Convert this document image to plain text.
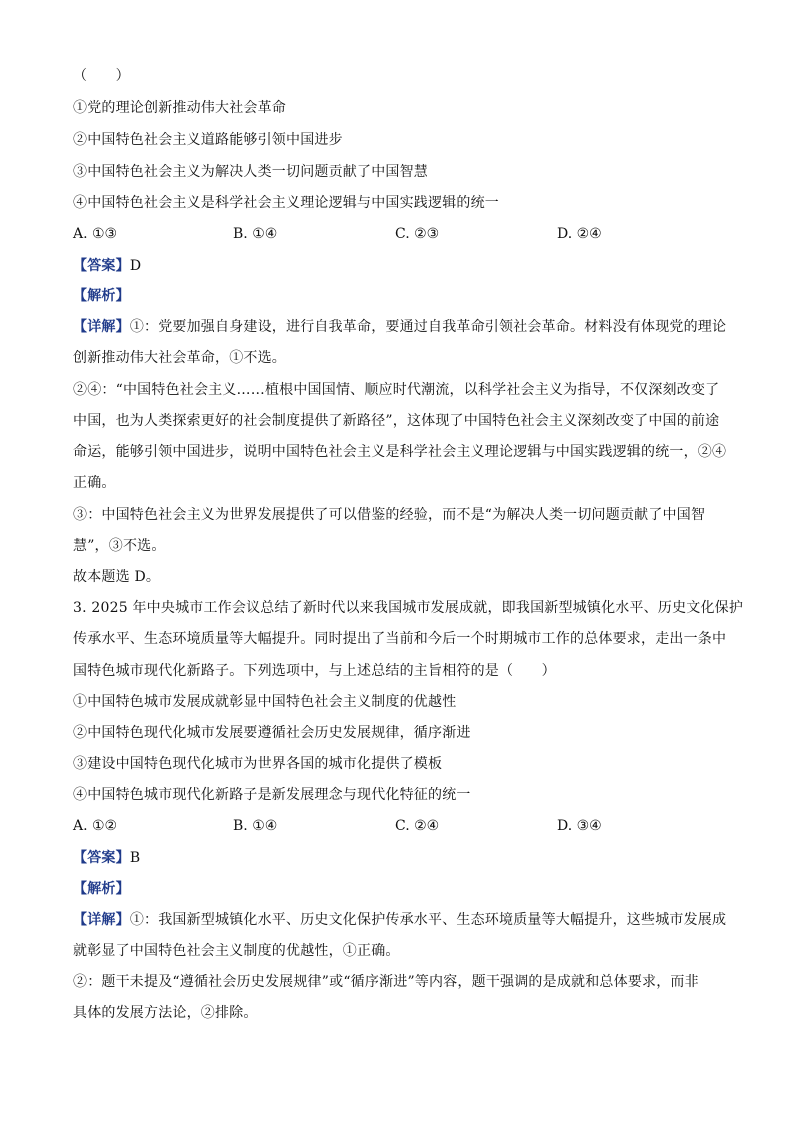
（　　）
①党的理论创新推动伟大社会革命
②中国特色社会主义道路能够引领中国进步
③中国特色社会主义为解决人类一切问题贡献了中国智慧
④中国特色社会主义是科学社会主义理论逻辑与中国实践逻辑的统一
A. ①③	B. ①④	C. ②③	D. ②④
【答案】D
【解析】
【详解】①：党要加强自身建设，进行自我革命，要通过自我革命引领社会革命。材料没有体现党的理论
创新推动伟大社会革命，①不选。
②④：“中国特色社会主义……植根中国国情、顺应时代潮流，以科学社会主义为指导，不仅深刻改变了
中国，也为人类探索更好的社会制度提供了新路径”，这体现了中国特色社会主义深刻改变了中国的前途
命运，能够引领中国进步，说明中国特色社会主义是科学社会主义理论逻辑与中国实践逻辑的统一，②④
正确。
③：中国特色社会主义为世界发展提供了可以借鉴的经验，而不是“为解决人类一切问题贡献了中国智
慧”，③不选。
故本题选 D。
3. 2025 年中央城市工作会议总结了新时代以来我国城市发展成就，即我国新型城镇化水平、历史文化保护
传承水平、生态环境质量等大幅提升。同时提出了当前和今后一个时期城市工作的总体要求，走出一条中
国特色城市现代化新路子。下列选项中，与上述总结的主旨相符的是（　　）
①中国特色城市发展成就彰显中国特色社会主义制度的优越性
②中国特色现代化城市发展要遵循社会历史发展规律，循序渐进
③建设中国特色现代化城市为世界各国的城市化提供了模板
④中国特色城市现代化新路子是新发展理念与现代化特征的统一
A. ①②	B. ①④	C. ②④	D. ③④
【答案】B
【解析】
【详解】①：我国新型城镇化水平、历史文化保护传承水平、生态环境质量等大幅提升，这些城市发展成
就彰显了中国特色社会主义制度的优越性，①正确。
②：题干未提及“遵循社会历史发展规律”或“循序渐进”等内容，题干强调的是成就和总体要求，而非
具体的发展方法论，②排除。
